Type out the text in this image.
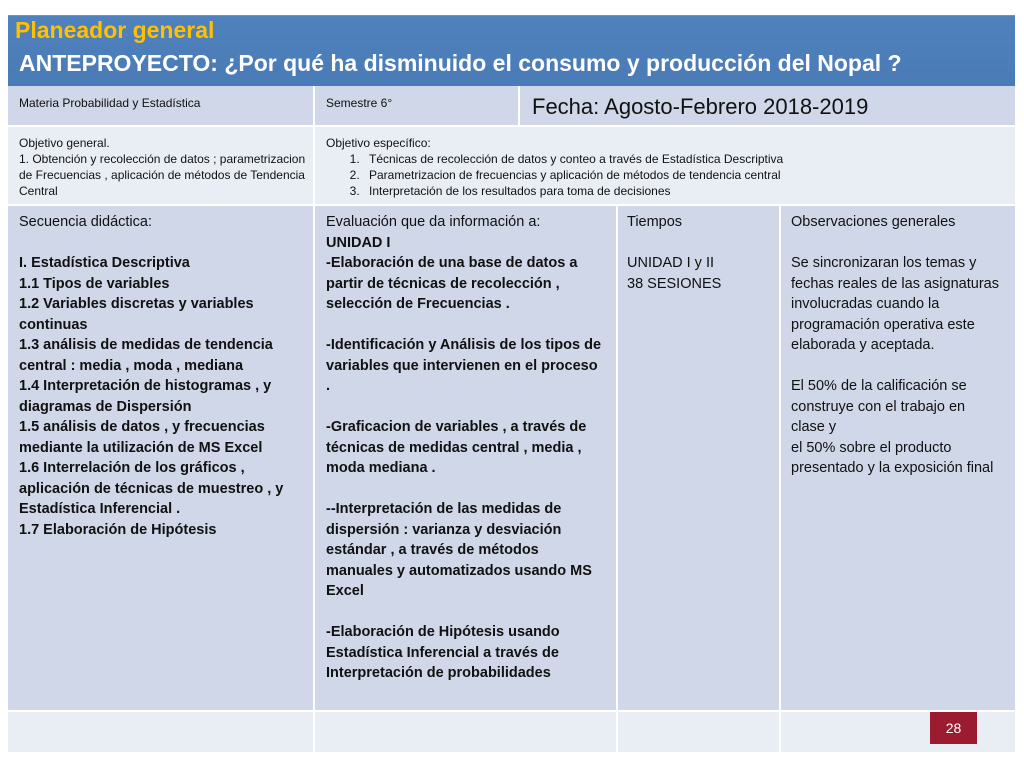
Planeador general
ANTEPROYECTO: ¿Por qué ha disminuido el consumo y producción del Nopal ?
Materia Probabilidad y Estadística	Semestre 6°	Fecha: Agosto-Febrero 2018-2019
Objetivo general.
1. Obtención y recolección de datos ; parametrizacion de Frecuencias , aplicación de métodos de Tendencia Central
Objetivo específico:
1. Técnicas de recolección de datos y conteo a través de Estadística Descriptiva
2. Parametrizacion de frecuencias y aplicación de métodos de tendencia central
3. Interpretación de los resultados para toma de decisiones
Secuencia didáctica:
I. Estadística Descriptiva
1.1 Tipos de variables
1.2 Variables discretas y variables continuas
1.3 análisis de medidas de tendencia central : media , moda , mediana
1.4 Interpretación de histogramas , y diagramas de Dispersión
1.5 análisis de datos , y frecuencias mediante la utilización de MS Excel
1.6 Interrelación de los gráficos , aplicación de técnicas de muestreo , y Estadística Inferencial .
1.7 Elaboración de Hipótesis
Evaluación que da información a:
UNIDAD I
-Elaboración de una base de datos a partir de técnicas de recolección , selección de Frecuencias .
-Identificación y Análisis de los tipos de variables que intervienen en el proceso .
-Graficacion de variables , a través de técnicas de medidas central , media , moda mediana .
--Interpretación de las medidas de dispersión : varianza y desviación estándar , a través de métodos manuales y automatizados usando MS Excel
-Elaboración de Hipótesis usando Estadística Inferencial a través de Interpretación de probabilidades
Tiempos
UNIDAD I y II
38 SESIONES
Observaciones generales
Se sincronizaran los temas y fechas reales de las asignaturas involucradas cuando la programación operativa este elaborada y aceptada.
El 50% de la calificación se construye con el trabajo en clase y
el 50% sobre el producto presentado y la exposición final
28
